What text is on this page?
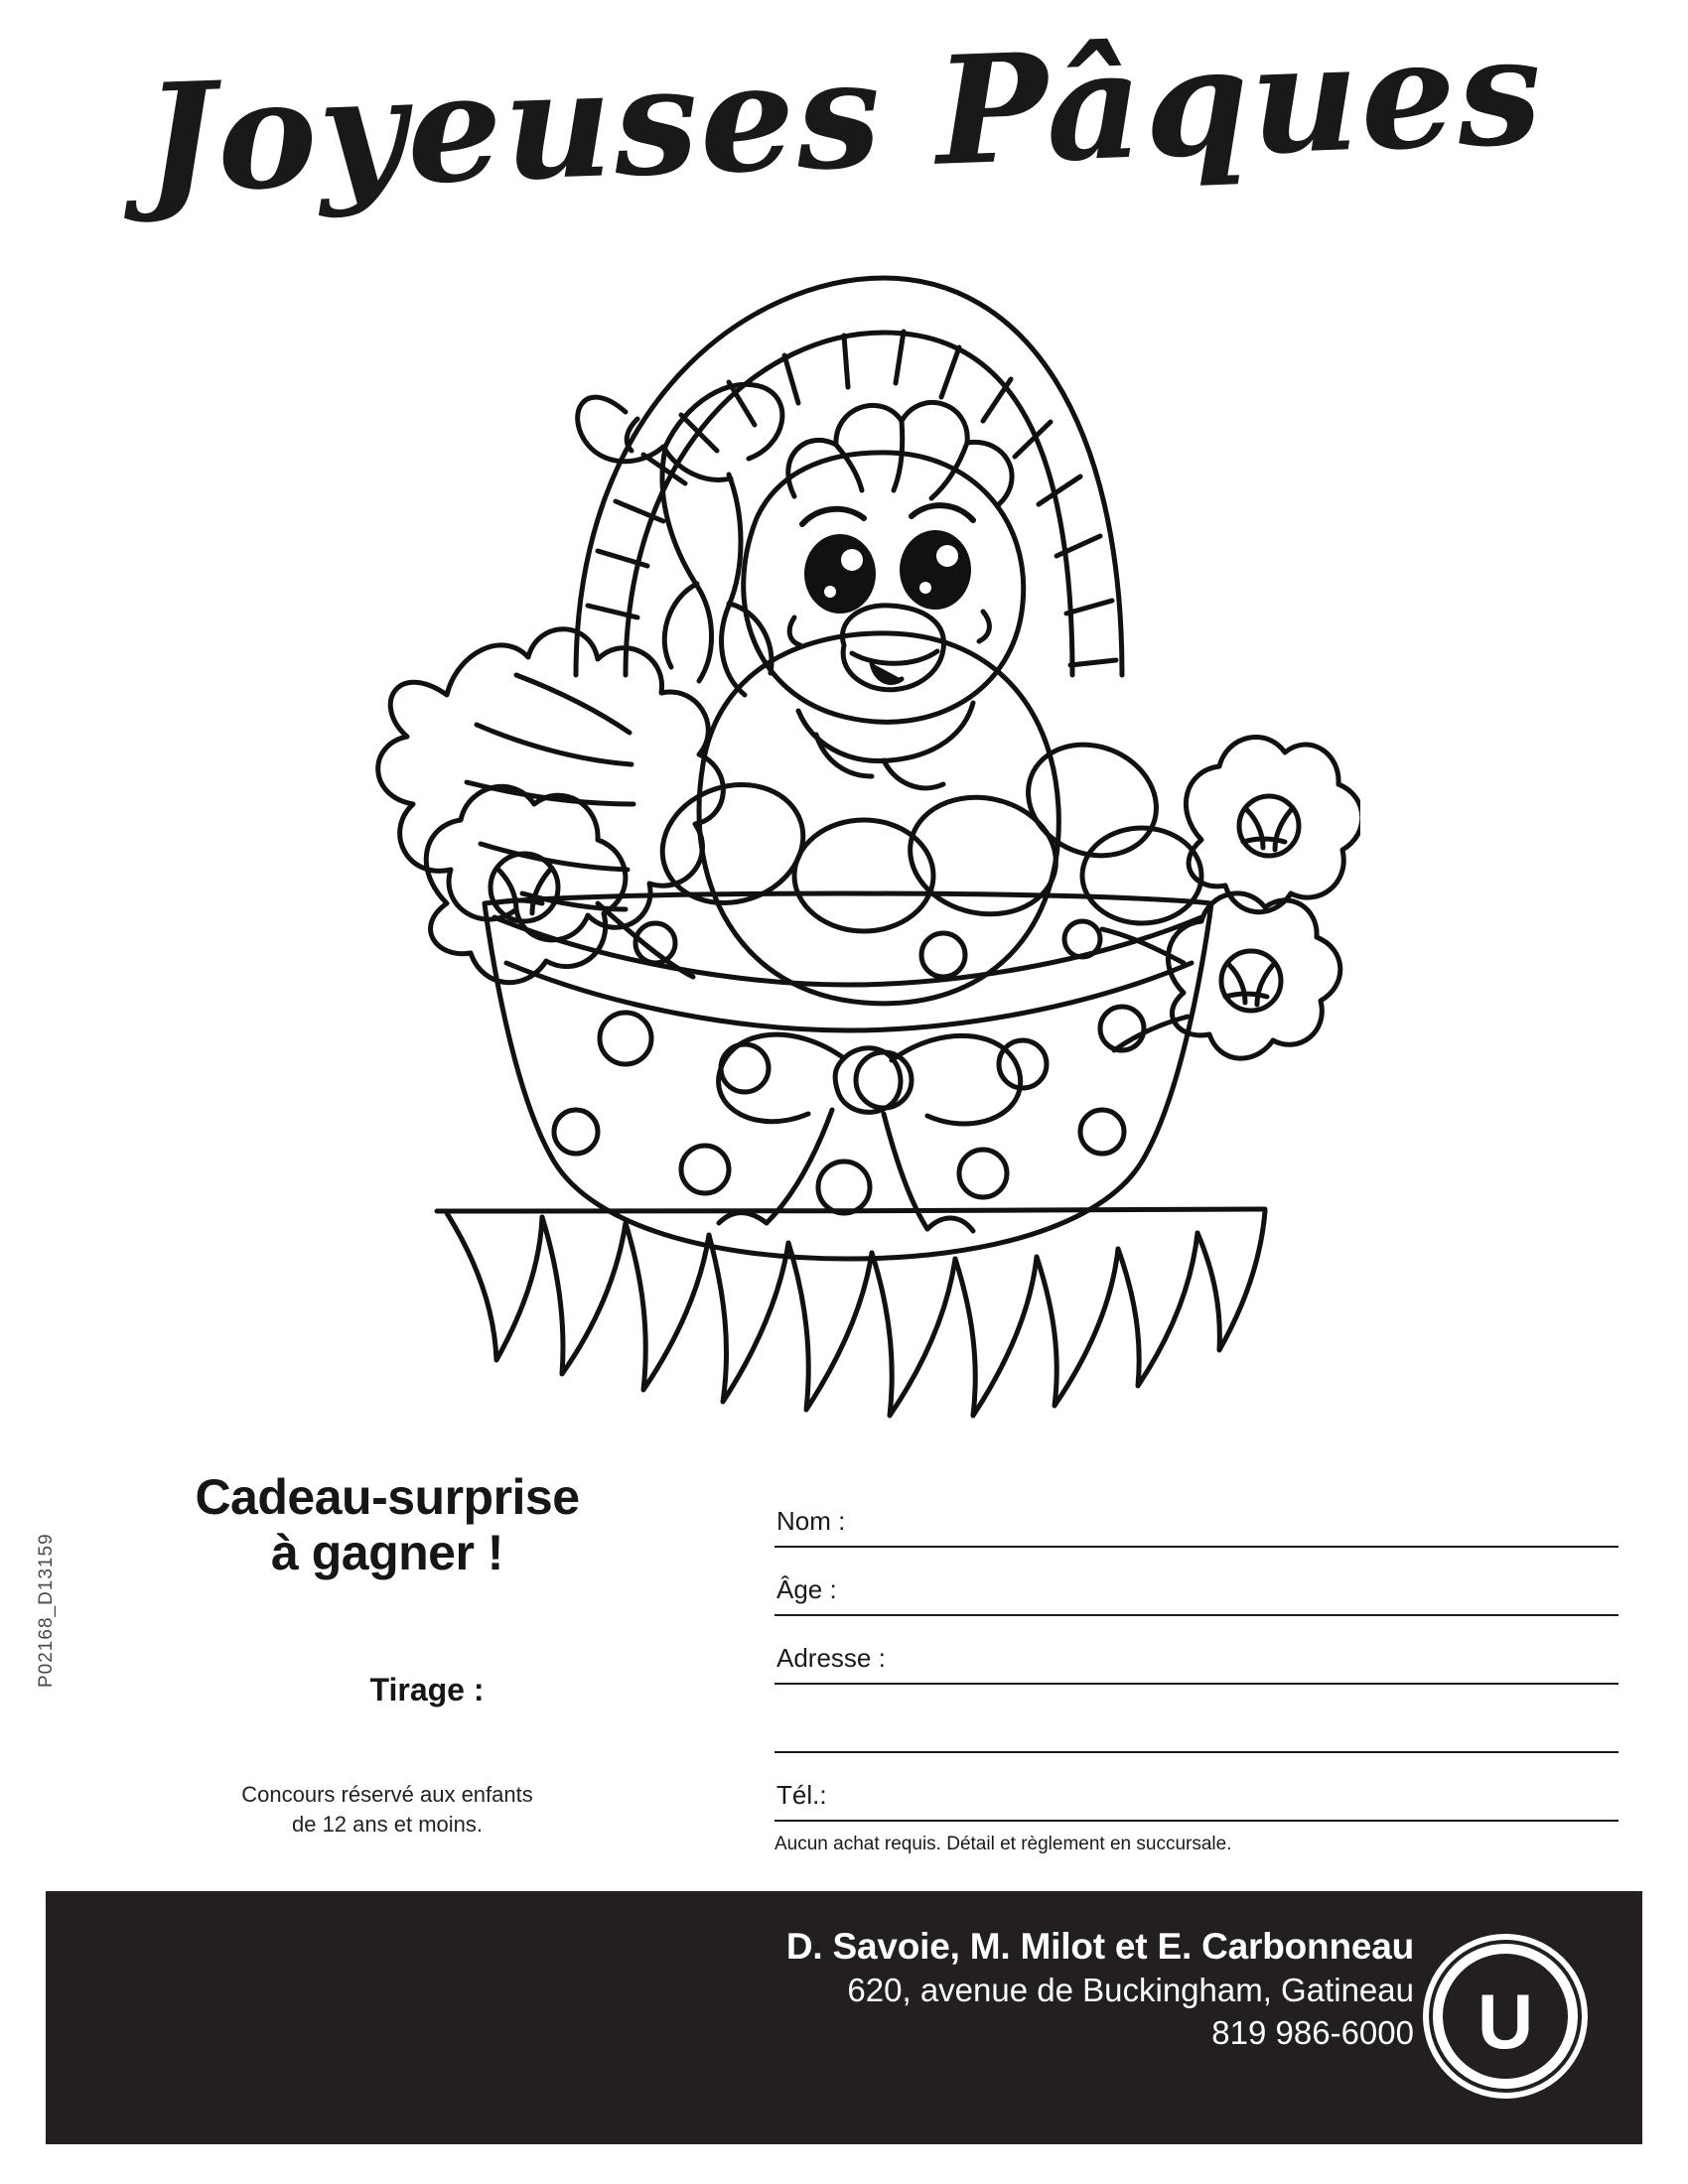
Joyeuses Pâques
Cadeau-surprise
à gagner !
Tirage :
Concours réservé aux enfants
de 12 ans et moins.
P02168_D13159
Nom :
Âge :
Adresse :
Tél.:
Aucun achat requis. Détail et règlement en succursale.
D. Savoie, M. Milot et E. Carbonneau
620, avenue de Buckingham, Gatineau
819 986-6000 U
